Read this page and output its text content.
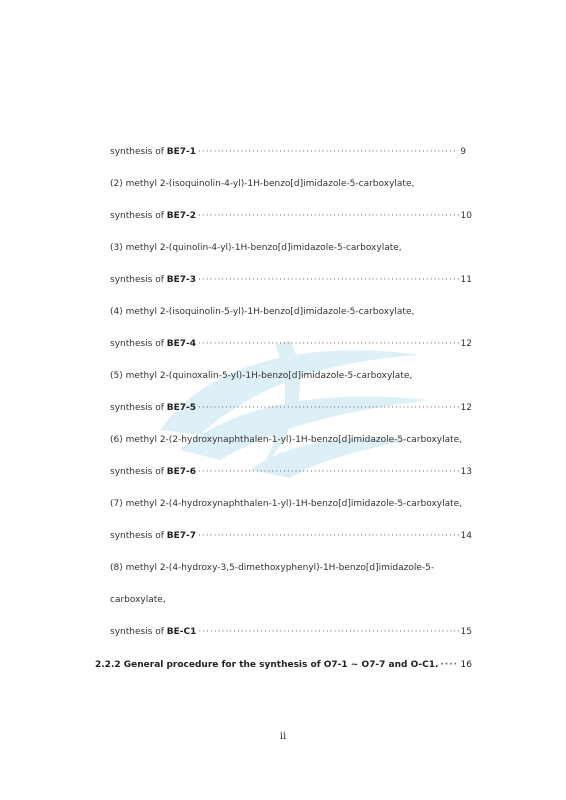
synthesis of BE7-1 ·····	9
(2) methyl 2-(isoquinolin-4-yl)-1H-benzo[d]imidazole-5-carboxylate,
synthesis of BE7-2 ·····	10
(3) methyl 2-(quinolin-4-yl)-1H-benzo[d]imidazole-5-carboxylate,
synthesis of BE7-3 ·····	11
(4) methyl 2-(isoquinolin-5-yl)-1H-benzo[d]imidazole-5-carboxylate,
synthesis of BE7-4 ·····	12
(5) methyl 2-(quinoxalin-5-yl)-1H-benzo[d]imidazole-5-carboxylate,
synthesis of BE7-5 ·····	12
(6) methyl 2-(2-hydroxynaphthalen-1-yl)-1H-benzo[d]imidazole-5-carboxylate,
synthesis of BE7-6 ·····	13
(7) methyl 2-(4-hydroxynaphthalen-1-yl)-1H-benzo[d]imidazole-5-carboxylate,
synthesis of BE7-7 ·····	14
(8) methyl 2-(4-hydroxy-3,5-dimethoxyphenyl)-1H-benzo[d]imidazole-5-
carboxylate,
synthesis of BE-C1 ·····	15
2.2.2 General procedure for the synthesis of O7-1 ~ O7-7 and O-C1. ····· 16
ii
